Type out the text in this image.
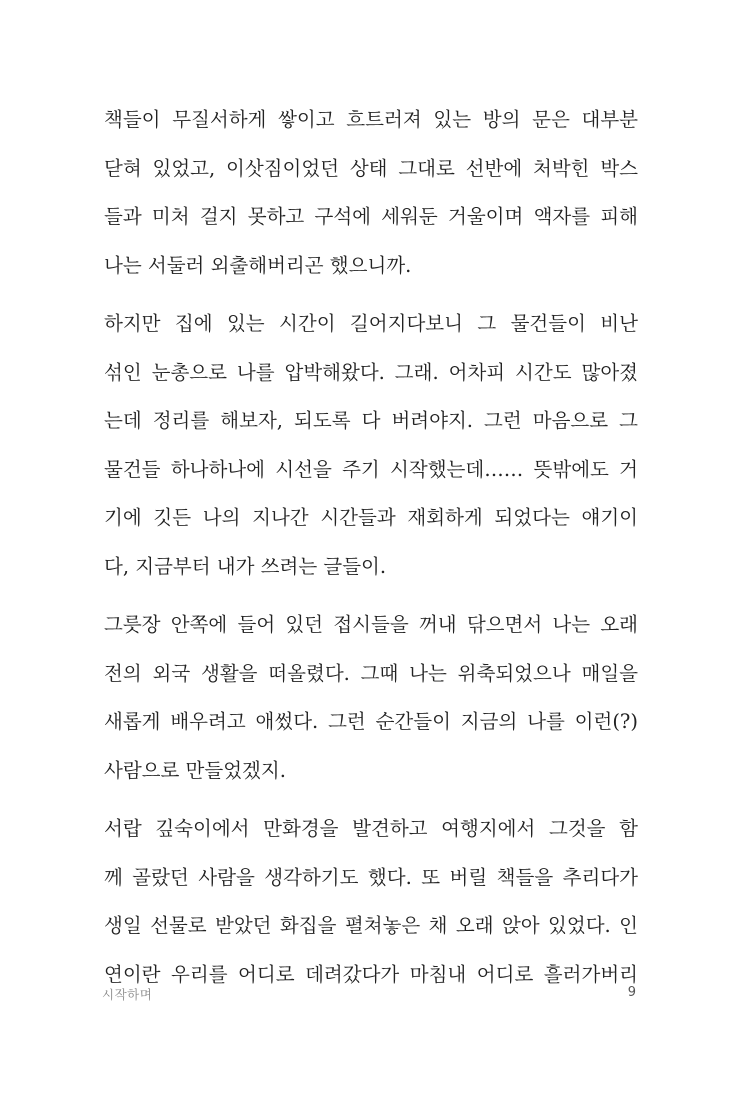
책들이 무질서하게 쌓이고 흐트러져 있는 방의 문은 대부분
닫혀 있었고, 이삿짐이었던 상태 그대로 선반에 처박힌 박스
들과 미처 걸지 못하고 구석에 세워둔 거울이며 액자를 피해
나는 서둘러 외출해버리곤 했으니까.
하지만 집에 있는 시간이 길어지다보니 그 물건들이 비난
섞인 눈총으로 나를 압박해왔다. 그래. 어차피 시간도 많아졌
는데 정리를 해보자, 되도록 다 버려야지. 그런 마음으로 그
물건들 하나하나에 시선을 주기 시작했는데…… 뜻밖에도 거
기에 깃든 나의 지나간 시간들과 재회하게 되었다는 얘기이
다, 지금부터 내가 쓰려는 글들이.
그릇장 안쪽에 들어 있던 접시들을 꺼내 닦으면서 나는 오래
전의 외국 생활을 떠올렸다. 그때 나는 위축되었으나 매일을
새롭게 배우려고 애썼다. 그런 순간들이 지금의 나를 이런(?)
사람으로 만들었겠지.
서랍 깊숙이에서 만화경을 발견하고 여행지에서 그것을 함
께 골랐던 사람을 생각하기도 했다. 또 버릴 책들을 추리다가
생일 선물로 받았던 화집을 펼쳐놓은 채 오래 앉아 있었다. 인
연이란 우리를 어디로 데려갔다가 마침내 어디로 흘러가버리
시작하며	9
